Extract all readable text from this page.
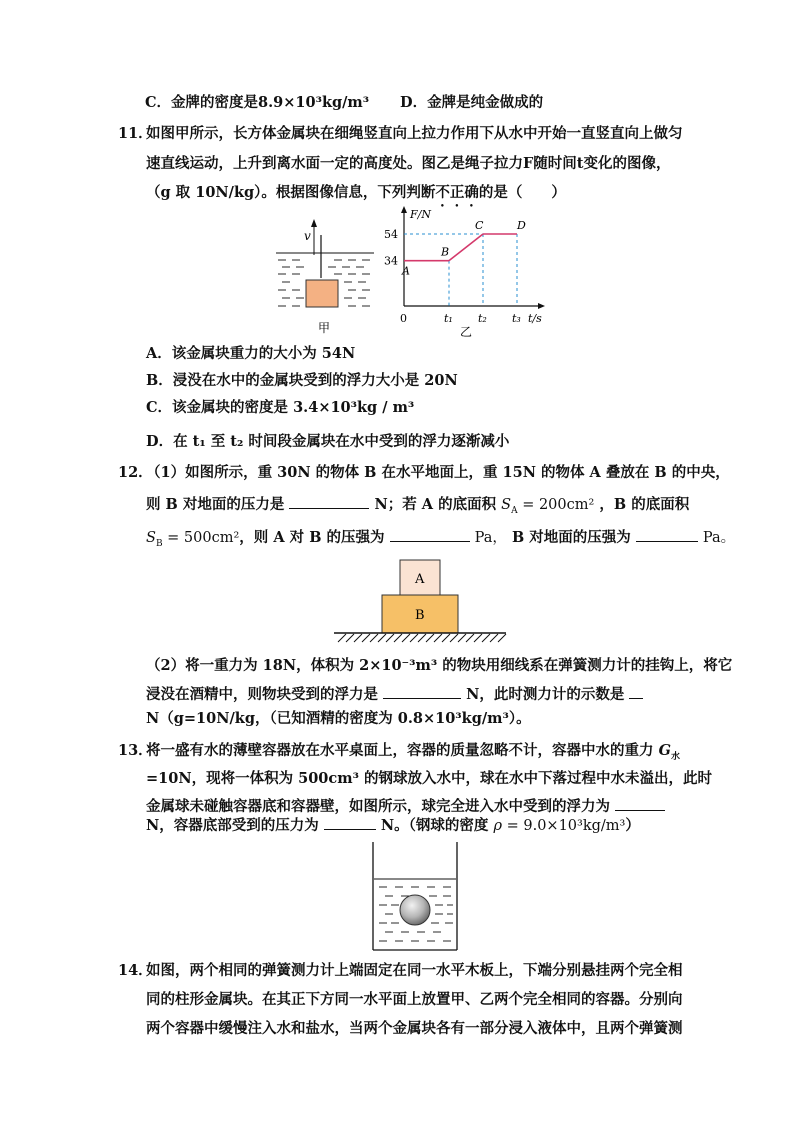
C．金牌的密度是8.9×10³kg/m³ D．金牌是纯金做成的
11．
如图甲所示，长方体金属块在细绳竖直向上拉力作用下从水中开始一直竖直向上做匀
速直线运动，上升到离水面一定的高度处。图乙是绳子拉力F随时间t变化的图像，
（g 取 10N/kg）。根据图像信息，下列判断不正确的是（　　）
v
甲
F/N
t/s
0
34
54
t₁ t₂ t₃
A
B
C	D
乙
A．该金属块重力的大小为 54N
B．浸没在水中的金属块受到的浮力大小是 20N
C．该金属块的密度是 3.4×10³kg / m³
D．在 t₁ 至 t₂ 时间段金属块在水中受到的浮力逐渐减小
12．
（1）如图所示，重 30N 的物体 B 在水平地面上，重 15N 的物体 A 叠放在 B 的中央，
则 B 对地面的压力是	N；若 A 的底面积 $S_A = 200cm^2$ ，B 的底面积
$S_B = 500cm^2$，则 A 对 B 的压强为	Pa， B 对地面的压强为	Pa。
A
B
（2）将一重力为 18N，体积为 2×10⁻³m³ 的物块用细线系在弹簧测力计的挂钩上，将它
浸没在酒精中，则物块受到的浮力是	N，此时测力计的示数是
N（g=10N/kg，（已知酒精的密度为 0.8×10³kg/m³）。
13．
将一盛有水的薄壁容器放在水平桌面上，容器的质量忽略不计，容器中水的重力 $G_水$
=10N，现将一体积为 500cm³ 的钢球放入水中，球在水中下落过程中水未溢出，此时
金属球未碰触容器底和容器壁，如图所示，球完全进入水中受到的浮力为
N，容器底部受到的压力为	N。（钢球的密度 ρ = 9.0×10³kg/m³）
14．
如图，两个相同的弹簧测力计上端固定在同一水平木板上，下端分别悬挂两个完全相
同的柱形金属块。在其正下方同一水平面上放置甲、乙两个完全相同的容器。分别向
两个容器中缓慢注入水和盐水，当两个金属块各有一部分浸入液体中，且两个弹簧测
